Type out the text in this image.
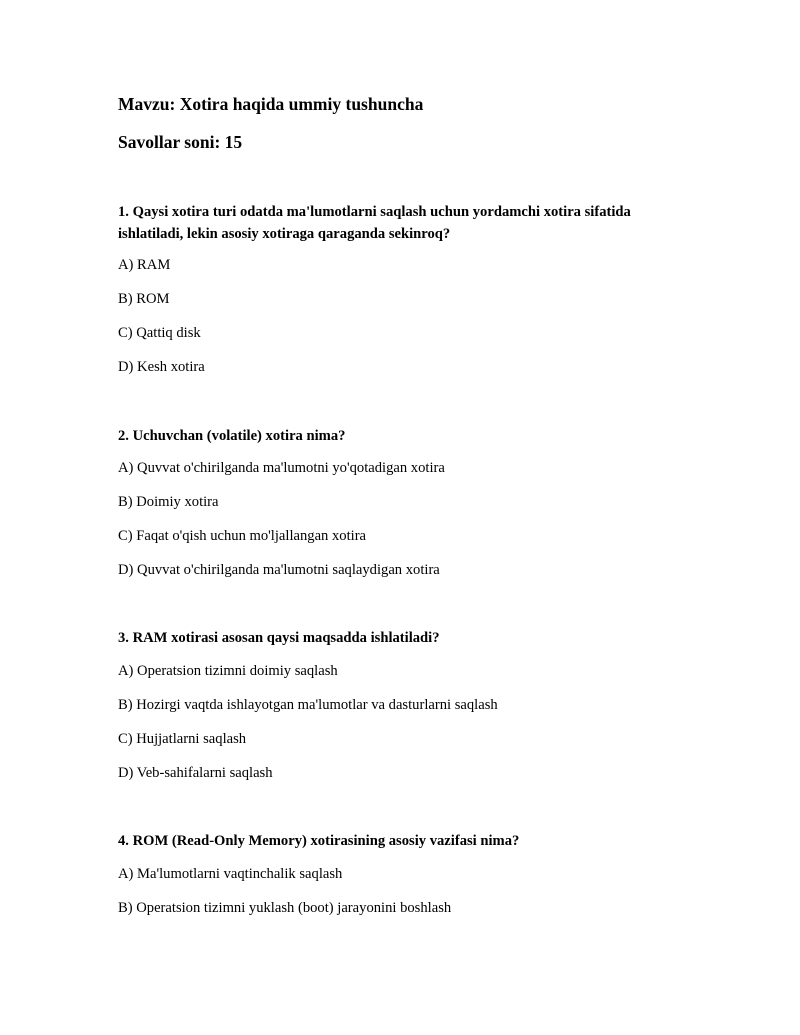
Mavzu: Xotira haqida ummiy tushuncha
Savollar soni: 15
1. Qaysi xotira turi odatda ma'lumotlarni saqlash uchun yordamchi xotira sifatida ishlatiladi, lekin asosiy xotiraga qaraganda sekinroq?
A) RAM
B) ROM
C) Qattiq disk
D) Kesh xotira
2. Uchuvchan (volatile) xotira nima?
A) Quvvat o'chirilganda ma'lumotni yo'qotadigan xotira
B) Doimiy xotira
C) Faqat o'qish uchun mo'ljallangan xotira
D) Quvvat o'chirilganda ma'lumotni saqlaydigan xotira
3. RAM xotirasi asosan qaysi maqsadda ishlatiladi?
A) Operatsion tizimni doimiy saqlash
B) Hozirgi vaqtda ishlayotgan ma'lumotlar va dasturlarni saqlash
C) Hujjatlarni saqlash
D) Veb-sahifalarni saqlash
4. ROM (Read-Only Memory) xotirasining asosiy vazifasi nima?
A) Ma'lumotlarni vaqtinchalik saqlash
B) Operatsion tizimni yuklash (boot) jarayonini boshlash
